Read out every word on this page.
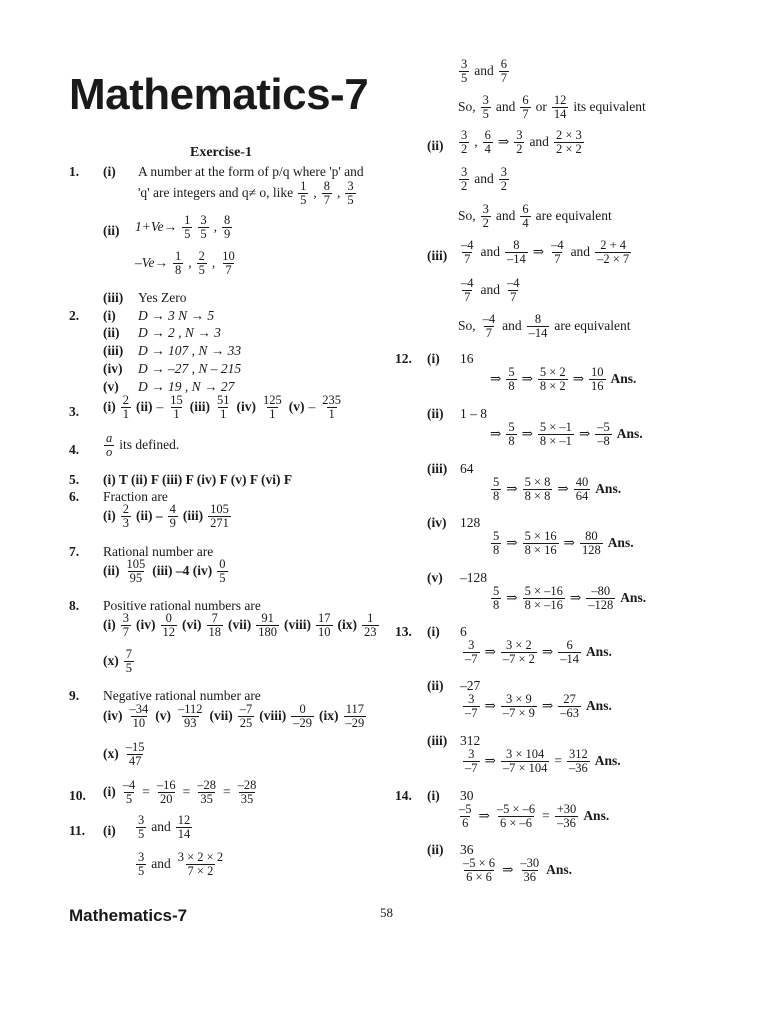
Mathematics-7
Exercise-1
1. (i) A number at the form of p/q where 'p' and
'q' are integers and q≠ o, like $\frac{1}{5}$ , $\frac{8}{7}$ , $\frac{3}{5}$
(ii) $1+Ve\to \frac{1}{5} \frac{3}{5}$ , $\frac{8}{9}$
$-Ve\to \frac{1}{8}$ , $\frac{2}{5}$ , $\frac{10}{7}$
(iii) Yes Zero
2. (i) D → 3 N → 5
(ii) D → 2 , N → 3
(iii) D → 107 , N → 33
(iv) D → –27 , N – 215
(v) D → 19 , N → 27
3. $(i) \frac{2}{1} (ii) - \frac{15}{1} (iii) \frac{51}{1} (iv) \frac{125}{1} (v) - \frac{235}{1}$
4. $\frac{a}{o}$ its defined.
5. (i) T (ii) F (iii) F (iv) F (v) F (vi) F
6. Fraction are
$(i) \frac{2}{3} (ii) - \frac{4}{9} (iii) \frac{105}{271}$
7. Rational number are
$(ii) \frac{105}{95} (iii)$ –4 $(iv) \frac{0}{5}$
8. Positive rational numbers are
$(i) \frac{3}{7} (iv) \frac{0}{12} (vi) \frac{7}{18} (vii) \frac{91}{180}$ (viii) $\frac{17}{10} (ix) \frac{1}{23}$
$(x) \frac{7}{5}$
9. Negative rational number are
$(iv) \frac{-34}{10} (v) \frac{-112}{93} (vii) \frac{-7}{25}$ (viii) $\frac{0}{-29} (ix) \frac{117}{-29}$
$(x) \frac{-15}{47}$
10. $(i) \frac{-4}{5} = \frac{-16}{20} = \frac{-28}{35} = \frac{-28}{35}$
11. $(i) \frac{3}{5}$ and $\frac{12}{14}$
$\frac{3}{5}$ and $\frac{3 \times 2 \times 2}{7 \times 2}$
$\frac{3}{5}$ and $\frac{6}{7}$
So, $\frac{3}{5}$ and $\frac{6}{7}$ or $\frac{12}{14}$ its equivalent
$(ii) \frac{3}{2}$ , $\frac{6}{4}$ ⇒ $\frac{3}{2}$ and $\frac{2 \times 3}{2 \times 2}$
$\frac{3}{2}$ and $\frac{3}{2}$
So, $\frac{3}{2}$ and $\frac{6}{4}$ are equivalent
$(iii) \frac{-4}{7}$ and $\frac{8}{-14}$ ⇒ $\frac{-4}{7}$ and $\frac{2 + 4}{-2 \times 7}$
$\frac{-4}{7}$ and $\frac{-4}{7}$
So, $\frac{-4}{7}$ and $\frac{8}{-14}$ are equivalent
12. (i) 16
⇒ $\frac{5}{8}$ ⇒ $\frac{5 \times 2}{8 \times 2}$ ⇒ $\frac{10}{16}$ Ans.
(ii) 1 – 8
⇒ $\frac{5}{8}$ ⇒ $\frac{5 \times -1}{8 \times -1}$ ⇒ $\frac{-5}{-8}$ Ans.
(iii) 64
$\frac{5}{8}$ ⇒ $\frac{5 \times 8}{8 \times 8}$ ⇒ $\frac{40}{64}$ Ans.
(iv) 128
$\frac{5}{8}$ ⇒ $\frac{5 \times 16}{8 \times 16}$ ⇒ $\frac{80}{128}$ Ans.
(v) –128
$\frac{5}{8}$ ⇒ $\frac{5 \times -16}{8 \times -16}$ ⇒ $\frac{-80}{-128}$ Ans.
13. (i) 6
$\frac{3}{-7}$ ⇒ $\frac{3 \times 2}{-7 \times 2}$ ⇒ $\frac{6}{-14}$ Ans.
(ii) –27
$\frac{3}{-7}$ ⇒ $\frac{3 \times 9}{-7 \times 9}$ ⇒ $\frac{27}{-63}$ Ans.
(iii) 312
$\frac{3}{-7}$ ⇒ $\frac{3 \times 104}{-7 \times 104} = \frac{312}{-36}$ Ans.
14. (i) 30
$\frac{-5}{6}$ ⇒ $\frac{-5 \times -6}{6 \times -6} = \frac{+30}{-36}$ Ans.
(ii) 36
$\frac{-5 \times 6}{6 \times 6}$ ⇒ $\frac{-30}{36}$ Ans.
Mathematics-7	58
